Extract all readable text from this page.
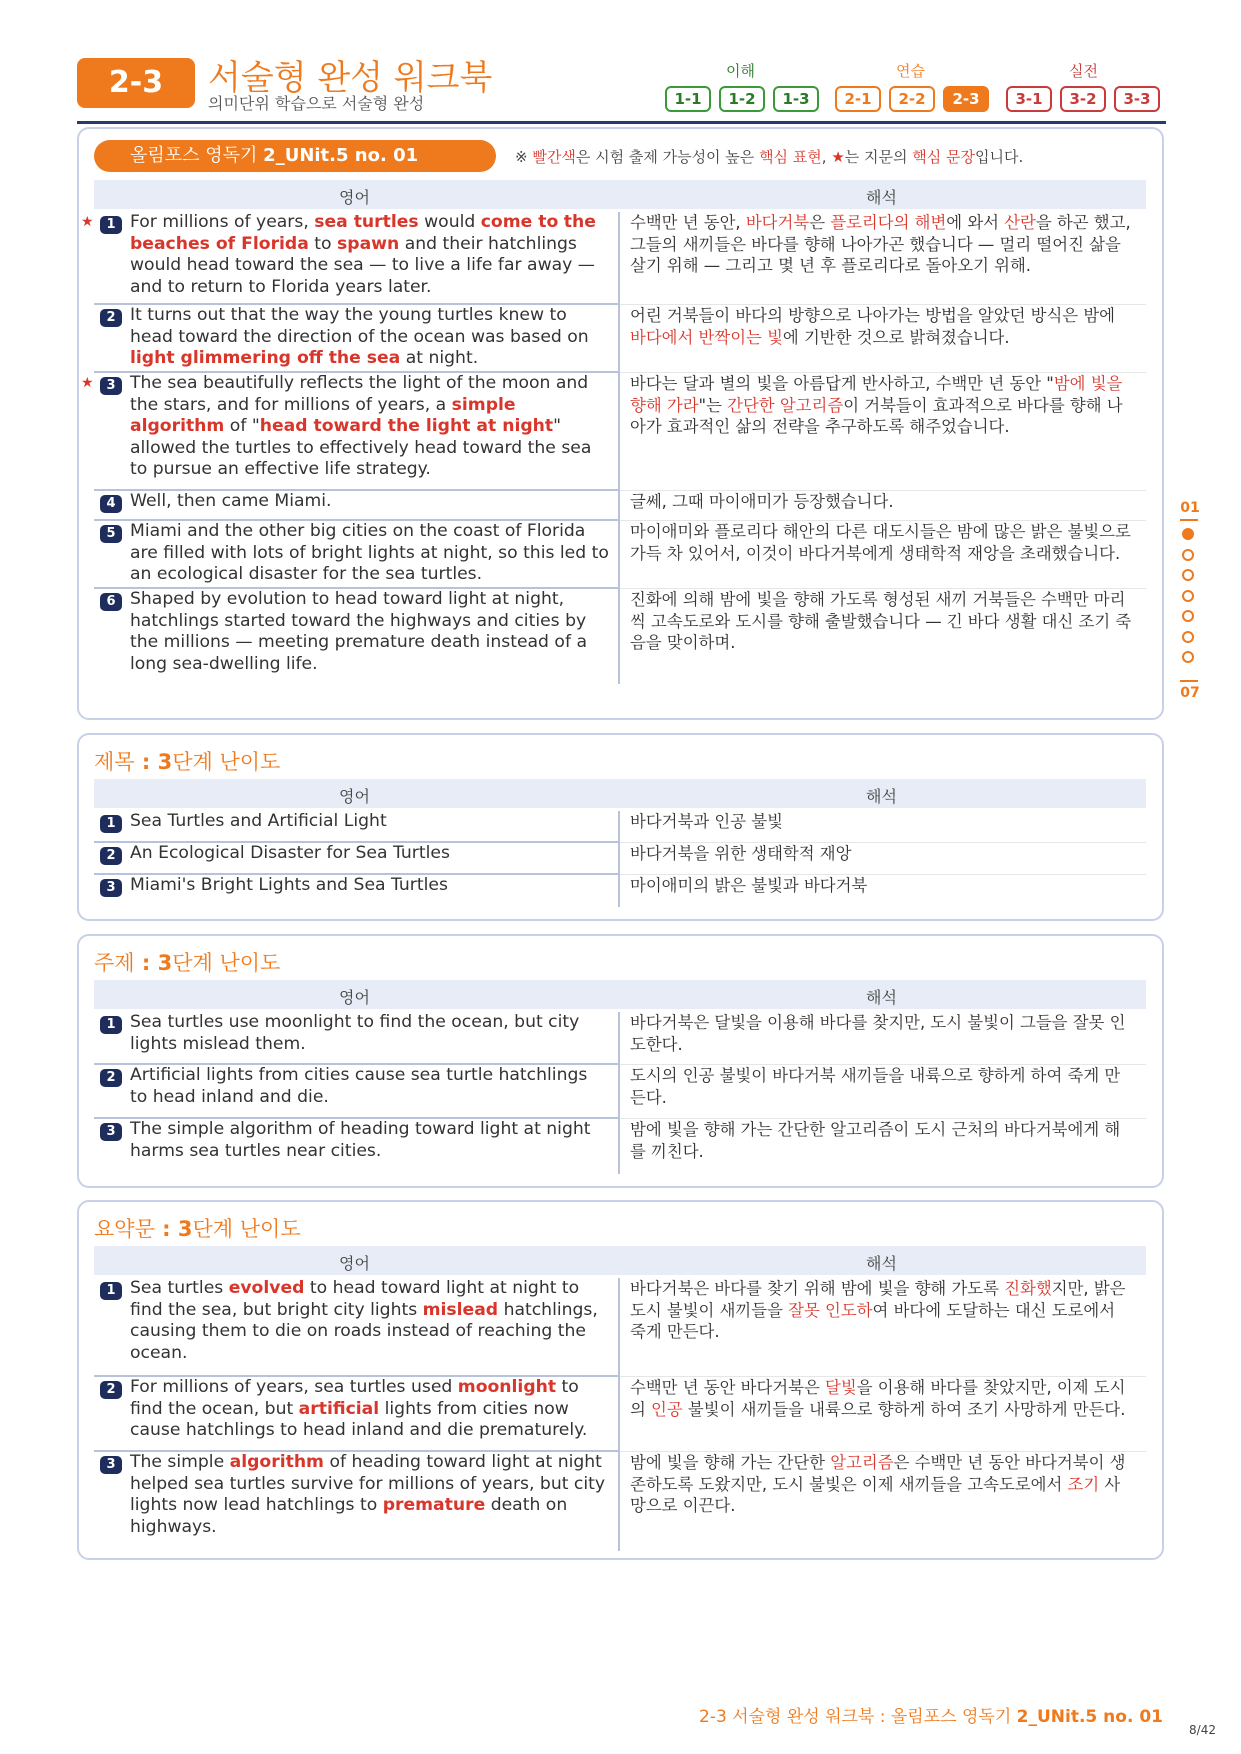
2-3	서술형 완성 워크북
의미단위 학습으로 서술형 완성
이해	연습	실전
1-1	1-2	1-3	2-1	2-2	2-3	3-1	3-2	3-3
올림포스 영독기 2_UNit.5 no. 01	※ 빨간색은 시험 출제 가능성이 높은 핵심 표현, ★는 지문의 핵심 문장입니다.
영어	해석
★ 1 For millions of years, sea turtles would come to the beaches of Florida to spawn and their hatchlings would head toward the sea — to live a life far away — and to return to Florida years later.
수백만 년 동안, 바다거북은 플로리다의 해변에 와서 산란을 하곤 했고, 그들의 새끼들은 바다를 향해 나아가곤 했습니다 — 멀리 떨어진 삶을 살기 위해 — 그리고 몇 년 후 플로리다로 돌아오기 위해.
2 It turns out that the way the young turtles knew to head toward the direction of the ocean was based on light glimmering off the sea at night.
어린 거북들이 바다의 방향으로 나아가는 방법을 알았던 방식은 밤에 바다에서 반짝이는 빛에 기반한 것으로 밝혀졌습니다.
★ 3 The sea beautifully reflects the light of the moon and the stars, and for millions of years, a simple algorithm of "head toward the light at night" allowed the turtles to effectively head toward the sea to pursue an effective life strategy.
바다는 달과 별의 빛을 아름답게 반사하고, 수백만 년 동안 "밤에 빛을 향해 가라"는 간단한 알고리즘이 거북들이 효과적으로 바다를 향해 나아가 효과적인 삶의 전략을 추구하도록 해주었습니다.
4 Well, then came Miami.	글쎄, 그때 마이애미가 등장했습니다.
5 Miami and the other big cities on the coast of Florida are filled with lots of bright lights at night, so this led to an ecological disaster for the sea turtles.
마이애미와 플로리다 해안의 다른 대도시들은 밤에 많은 밝은 불빛으로 가득 차 있어서, 이것이 바다거북에게 생태학적 재앙을 초래했습니다.
6 Shaped by evolution to head toward light at night, hatchlings started toward the highways and cities by the millions — meeting premature death instead of a long sea-dwelling life.
진화에 의해 밤에 빛을 향해 가도록 형성된 새끼 거북들은 수백만 마리씩 고속도로와 도시를 향해 출발했습니다 — 긴 바다 생활 대신 조기 죽음을 맞이하며.
제목 : 3단계 난이도
영어	해석
1 Sea Turtles and Artificial Light	바다거북과 인공 불빛
2 An Ecological Disaster for Sea Turtles	바다거북을 위한 생태학적 재앙
3 Miami's Bright Lights and Sea Turtles	마이애미의 밝은 불빛과 바다거북
주제 : 3단계 난이도
영어	해석
1 Sea turtles use moonlight to find the ocean, but city lights mislead them.
바다거북은 달빛을 이용해 바다를 찾지만, 도시 불빛이 그들을 잘못 인도한다.
2 Artificial lights from cities cause sea turtle hatchlings to head inland and die.
도시의 인공 불빛이 바다거북 새끼들을 내륙으로 향하게 하여 죽게 만든다.
3 The simple algorithm of heading toward light at night harms sea turtles near cities.
밤에 빛을 향해 가는 간단한 알고리즘이 도시 근처의 바다거북에게 해를 끼친다.
요약문 : 3단계 난이도
영어	해석
1 Sea turtles evolved to head toward light at night to find the sea, but bright city lights mislead hatchlings, causing them to die on roads instead of reaching the ocean.
바다거북은 바다를 찾기 위해 밤에 빛을 향해 가도록 진화했지만, 밝은 도시 불빛이 새끼들을 잘못 인도하여 바다에 도달하는 대신 도로에서 죽게 만든다.
2 For millions of years, sea turtles used moonlight to find the ocean, but artificial lights from cities now cause hatchlings to head inland and die prematurely.
수백만 년 동안 바다거북은 달빛을 이용해 바다를 찾았지만, 이제 도시의 인공 불빛이 새끼들을 내륙으로 향하게 하여 조기 사망하게 만든다.
3 The simple algorithm of heading toward light at night helped sea turtles survive for millions of years, but city lights now lead hatchlings to premature death on highways.
밤에 빛을 향해 가는 간단한 알고리즘은 수백만 년 동안 바다거북이 생존하도록 도왔지만, 도시 불빛은 이제 새끼들을 고속도로에서 조기 사망으로 이끈다.
01
07
2-3 서술형 완성 워크북 : 올림포스 영독기 2_UNit.5 no. 01
8/42
